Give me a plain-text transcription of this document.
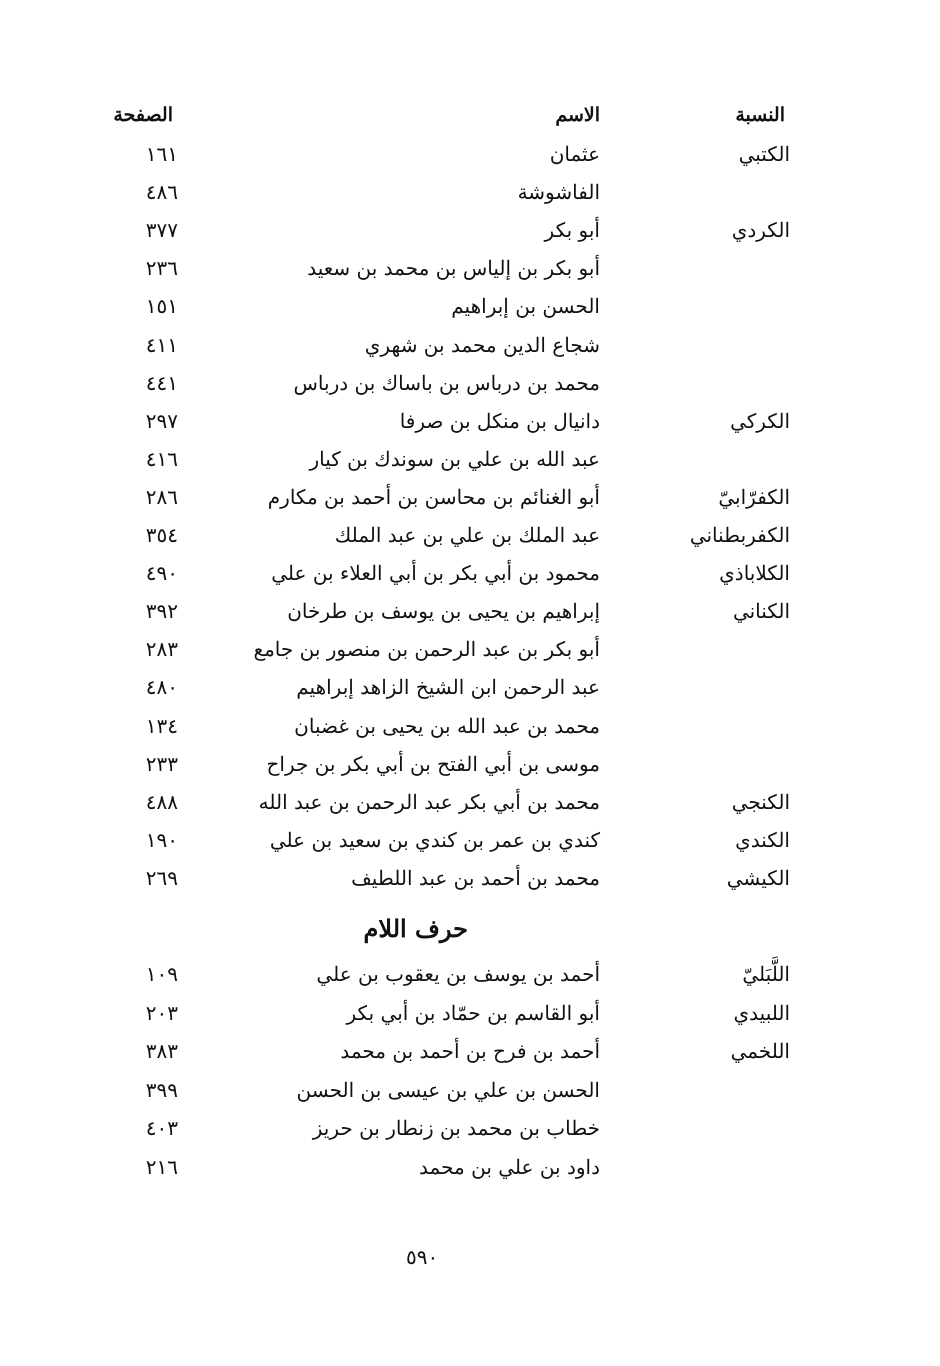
النسبة
الاسم
الصفحة
الكتبي
عثمان
١٦١
الفاشوشة
٤٨٦
الكردي
أبو بكر
٣٧٧
أبو بكر بن إلياس بن محمد بن سعيد
٢٣٦
الحسن بن إبراهيم
١٥١
شجاع الدين محمد بن شهري
٤١١
محمد بن درباس بن باساك بن درباس
٤٤١
الكركي
دانيال بن منكل بن صرفا
٢٩٧
عبد الله بن علي بن سوندك بن كيار
٤١٦
الكفرّابيّ
أبو الغنائم بن محاسن بن أحمد بن مكارم
٢٨٦
الكفربطناني
عبد الملك بن علي بن عبد الملك
٣٥٤
الكلاباذي
محمود بن أبي بكر بن أبي العلاء بن علي
٤٩٠
الكناني
إبراهيم بن يحيى بن يوسف بن طرخان
٣٩٢
أبو بكر بن عبد الرحمن بن منصور بن جامع
٢٨٣
عبد الرحمن ابن الشيخ الزاهد إبراهيم
٤٨٠
محمد بن عبد الله بن يحيى بن غضبان
١٣٤
موسى بن أبي الفتح بن أبي بكر بن جراح
٢٣٣
الكنجي
محمد بن أبي بكر عبد الرحمن بن عبد الله
٤٨٨
الكندي
كندي بن عمر بن كندي بن سعيد بن علي
١٩٠
الكيشي
محمد بن أحمد بن عبد اللطيف
٢٦٩
حرف اللام
اللَّبَليّ
أحمد بن يوسف بن يعقوب بن علي
١٠٩
اللبيدي
أبو القاسم بن حمّاد بن أبي بكر
٢٠٣
اللخمي
أحمد بن فرح بن أحمد بن محمد
٣٨٣
الحسن بن علي بن عيسى بن الحسن
٣٩٩
خطاب بن محمد بن زنطار بن حريز
٤٠٣
داود بن علي بن محمد
٢١٦
٥٩٠
